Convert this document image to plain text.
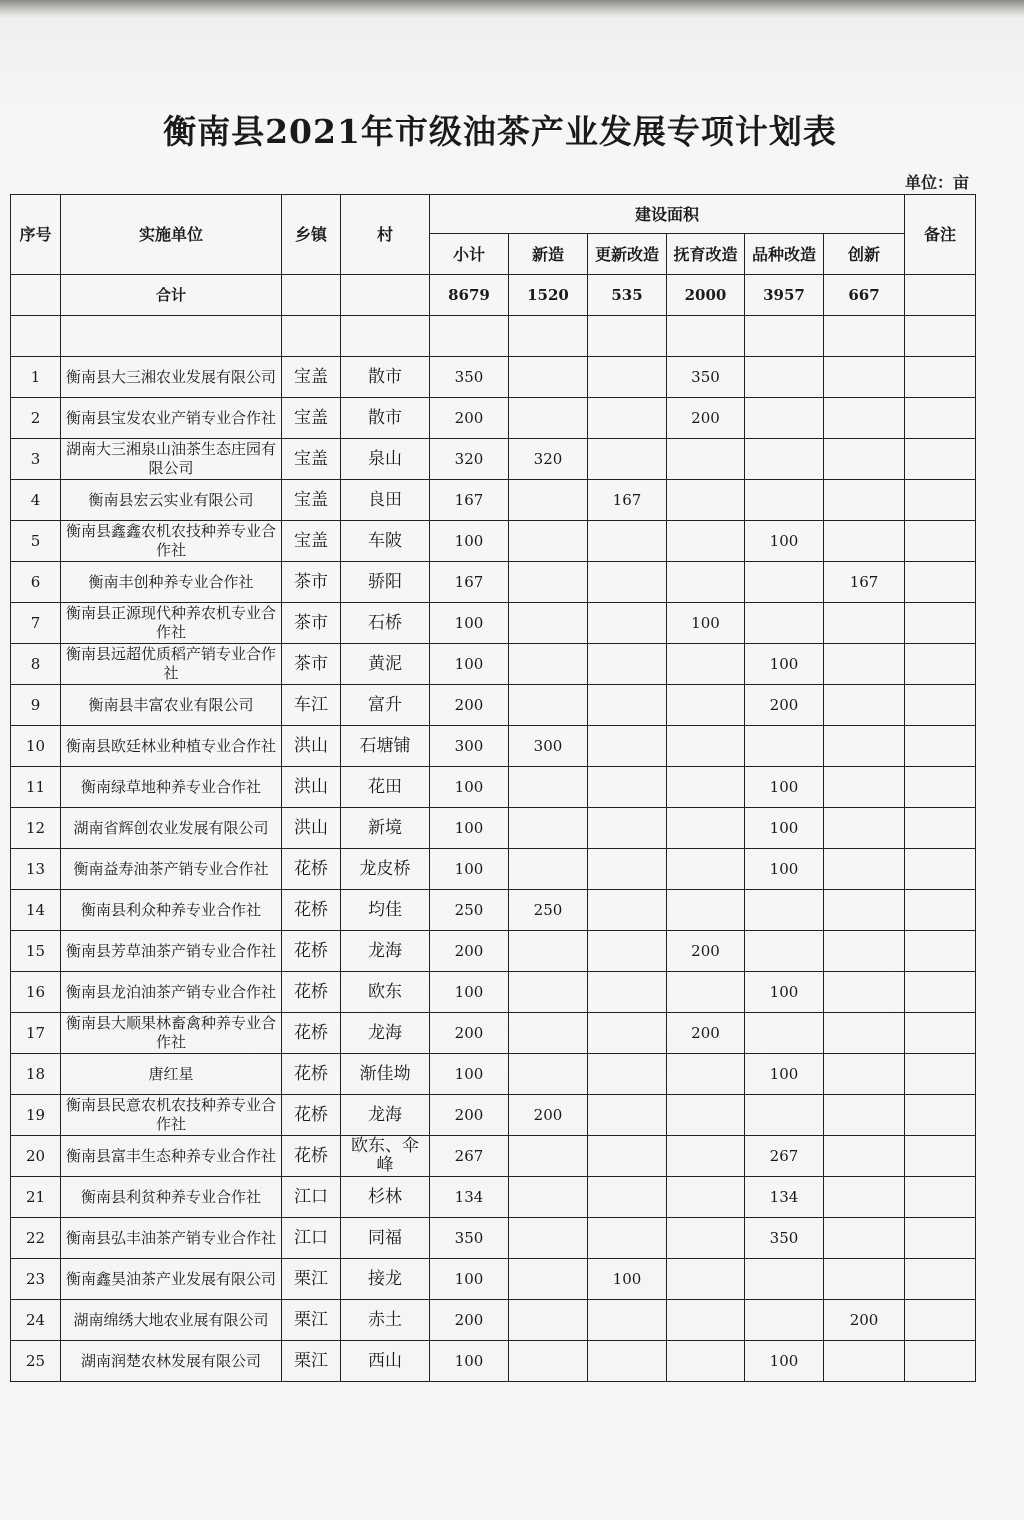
衡南县2021年市级油茶产业发展专项计划表
单位：亩
序号	实施单位	乡镇	村	建设面积						备注
				小计	新造	更新改造	抚育改造	品种改造	创新	
	合计			8679	1520	535	2000	3957	667	

1	衡南县大三湘农业发展有限公司	宝盖	散市	350			350			
2	衡南县宝发农业产销专业合作社	宝盖	散市	200			200			
3	湖南大三湘泉山油茶生态庄园有限公司	宝盖	泉山	320	320					
4	衡南县宏云实业有限公司	宝盖	良田	167		167				
5	衡南县鑫鑫农机农技种养专业合作社	宝盖	车陂	100				100		
6	衡南丰创种养专业合作社	茶市	骄阳	167					167	
7	衡南县正源现代种养农机专业合作社	茶市	石桥	100			100			
8	衡南县远超优质稻产销专业合作社	茶市	黄泥	100				100		
9	衡南县丰富农业有限公司	车江	富升	200				200		
10	衡南县欧廷林业种植专业合作社	洪山	石塘铺	300	300					
11	衡南绿草地种养专业合作社	洪山	花田	100				100		
12	湖南省辉创农业发展有限公司	洪山	新境	100				100		
13	衡南益寿油茶产销专业合作社	花桥	龙皮桥	100				100		
14	衡南县利众种养专业合作社	花桥	均佳	250	250					
15	衡南县芳草油茶产销专业合作社	花桥	龙海	200			200			
16	衡南县龙泊油茶产销专业合作社	花桥	欧东	100				100		
17	衡南县大顺果林畜禽种养专业合作社	花桥	龙海	200			200			
18	唐红星	花桥	渐佳坳	100				100		
19	衡南县民意农机农技种养专业合作社	花桥	龙海	200	200					
20	衡南县富丰生态种养专业合作社	花桥	欧东、伞峰	267				267		
21	衡南县利贫种养专业合作社	江口	杉林	134				134		
22	衡南县弘丰油茶产销专业合作社	江口	同福	350				350		
23	衡南鑫昊油茶产业发展有限公司	栗江	接龙	100		100				
24	湖南绵绣大地农业展有限公司	栗江	赤土	200					200	
25	湖南润楚农林发展有限公司	栗江	西山	100				100		
